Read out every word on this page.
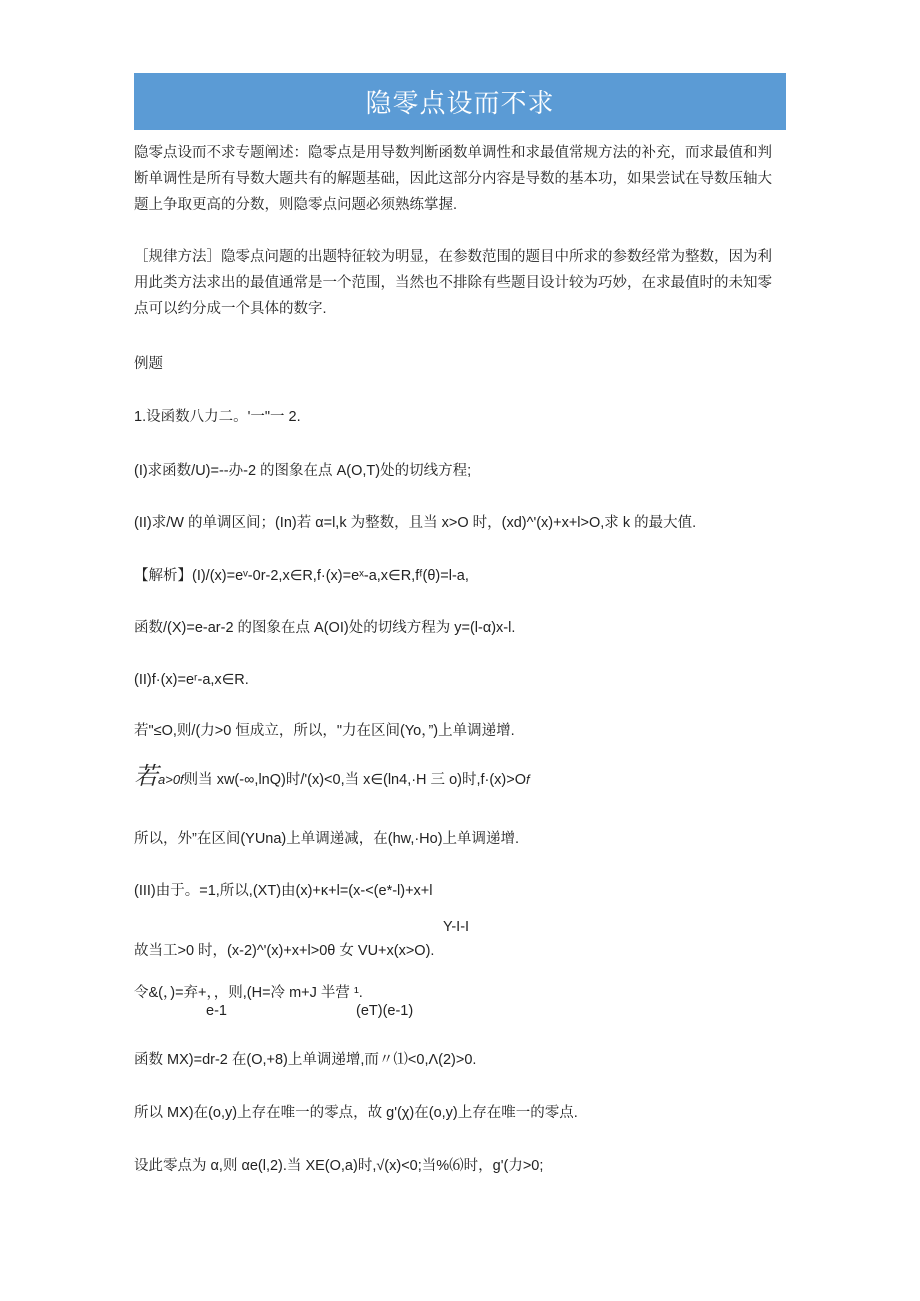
隐零点设而不求

隐零点设而不求专题阐述：隐零点是用导数判断函数单调性和求最值常规方法的补充，而求最值和判断单调性是所有导数大题共有的解题基础，因此这部分内容是导数的基本功，如果尝试在导数压轴大题上争取更高的分数，则隐零点问题必须熟练掌握.

［规律方法］隐零点问题的出题特征较为明显，在参数范围的题目中所求的参数经常为整数，因为利用此类方法求出的最值通常是一个范围，当然也不排除有些题目设计较为巧妙，在求最值时的未知零点可以约分成一个具体的数字.

例题
1.设函数八力二。'一"一 2.
(I)求函数/U)=--办-2 的图象在点 A(O,T)处的切线方程;
(II)求/W 的单调区间；(In)若 α=l,k 为整数，且当 x>O 时，(xd)^'(x)+x+l>O,求 k 的最大值.
【解析】(I)/(x)=eᵛ-0r-2,x∈R,f·(x)=eˣ-a,x∈R,fᶠ(θ)=l-a,
函数/(X)=e-ar-2 的图象在点 A(OI)处的切线方程为 y=(l-α)x-l.
(II)f·(x)=eʳ-a,x∈R.
若"≤O,则/(力>0 恒成立，所以，"力在区间(Yo，”)上单调递增.
若a>0f则当 xw(-∞,lnQ)时/'(x)<0,当 x∈(ln4,·H 三 o)时,f·(x)>Of
所以，外”在区间(YUna)上单调递减，在(hw,·Ho)上单调递增.
(III)由于。=1,所以,(XT)由(x)+κ+l=(x-<(e*-l)+x+l
Y-I-I
故当工>0 时，(x-2)^'(x)+x+l>0θ 女 VU+x(x>O).
令&(，)=弃+，，则,(H=冷 m+J 半营 ¹.
e-1	(eT)(e-1)
函数 MX)=dr-2 在(O,+8)上单调递增,而〃⑴<0,Λ(2)>0.
所以 MX)在(o,y)上存在唯一的零点，故 g'(χ)在(o,y)上存在唯一的零点.
设此零点为 α,则 αe(l,2).当 XE(O,a)时,√(x)<0;当%⑹时，g'(力>0;
